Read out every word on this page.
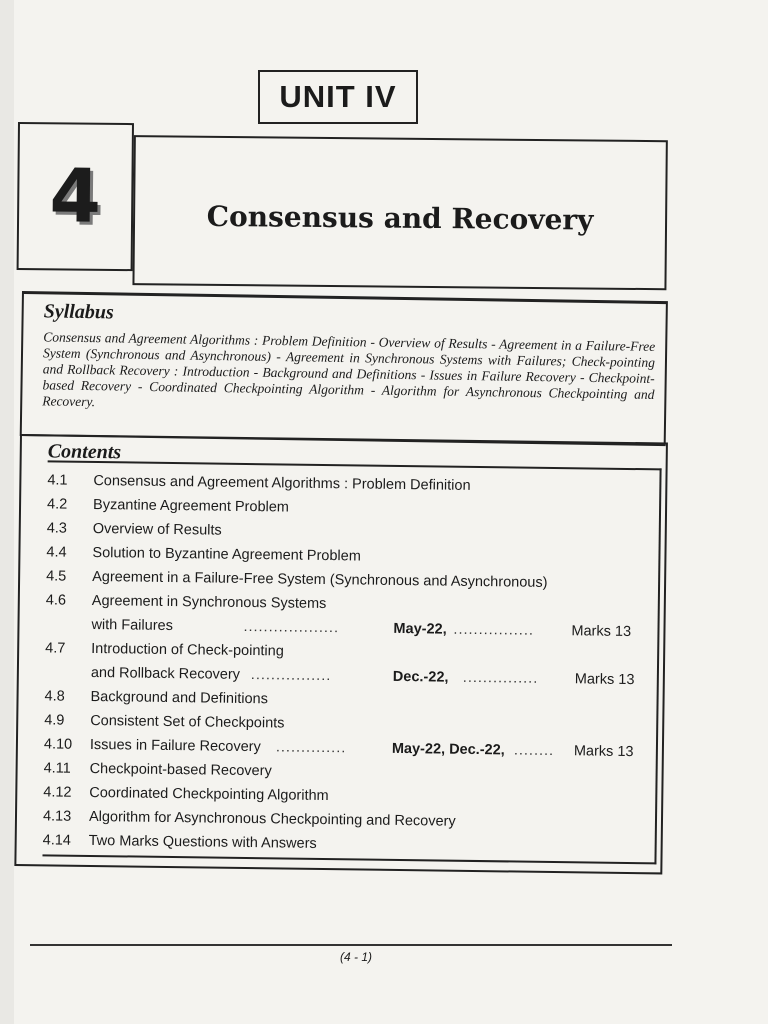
UNIT IV
4	Consensus and Recovery
Syllabus

Consensus and Agreement Algorithms : Problem Definition - Overview of Results - Agreement in a Failure-Free System (Synchronous and Asynchronous) - Agreement in Synchronous Systems with Failures; Check-pointing and Rollback Recovery : Introduction - Background and Definitions - Issues in Failure Recovery - Checkpoint-based Recovery - Coordinated Checkpointing Algorithm - Algorithm for Asynchronous Checkpointing and Recovery.

Contents
4.1	Consensus and Agreement Algorithms : Problem Definition
4.2	Byzantine Agreement Problem
4.3	Overview of Results
4.4	Solution to Byzantine Agreement Problem
4.5	Agreement in a Failure-Free System (Synchronous and Asynchronous)
4.6	Agreement in Synchronous Systems
with Failures	...................	May-22, ................	Marks 13
4.7	Introduction of Check-pointing
and Rollback Recovery ................	Dec.-22, ...............	Marks 13
4.8	Background and Definitions
4.9	Consistent Set of Checkpoints
4.10	Issues in Failure Recovery ..............	May-22, Dec.-22, ........ Marks 13
4.11	Checkpoint-based Recovery
4.12	Coordinated Checkpointing Algorithm
4.13	Algorithm for Asynchronous Checkpointing and Recovery
4.14	Two Marks Questions with Answers
(4 - 1)
